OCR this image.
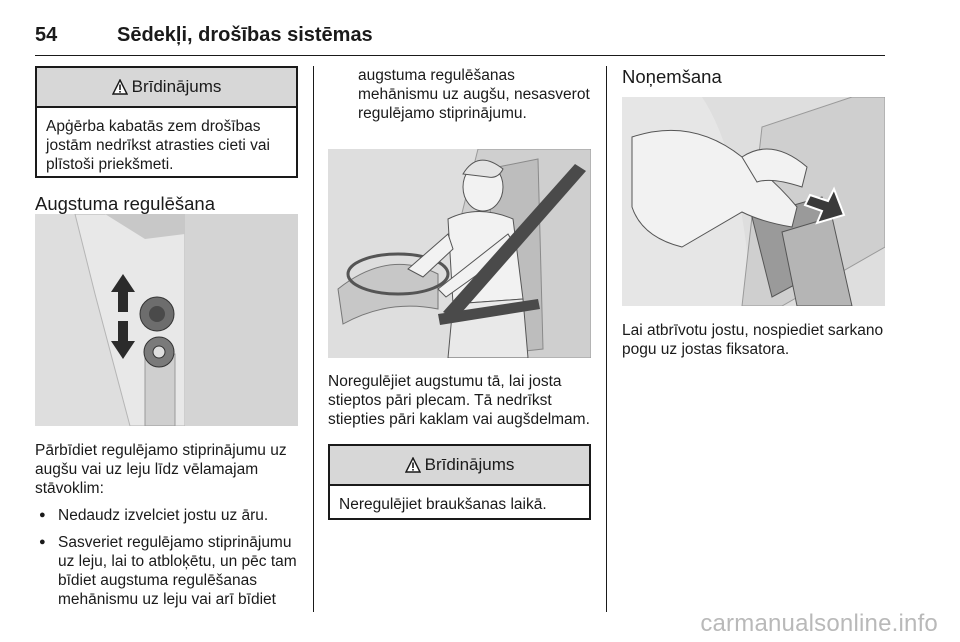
54	Sēdekļi, drošības sistēmas
Brīdinājums
Apģērba kabatās zem drošības jostām nedrīkst atrasties cieti vai plīstoši priekšmeti.
Augstuma regulēšana
Pārbīdiet regulējamo stiprinājumu uz augšu vai uz leju līdz vēlamajam stāvoklim:
● Nedaudz izvelciet jostu uz āru.
● Sasveriet regulējamo stiprinājumu uz leju, lai to atbloķētu, un pēc tam bīdiet augstuma regulēšanas mehānismu uz leju vai arī bīdiet
augstuma regulēšanas mehānismu uz augšu, nesasverot regulējamo stiprinājumu.
Noregulējiet augstumu tā, lai josta stieptos pāri plecam. Tā nedrīkst stiepties pāri kaklam vai augšdelmam.
Brīdinājums
Neregulējiet braukšanas laikā.
Noņemšana
Lai atbrīvotu jostu, nospiediet sarkano pogu uz jostas fiksatora.
carmanualsonline.info
